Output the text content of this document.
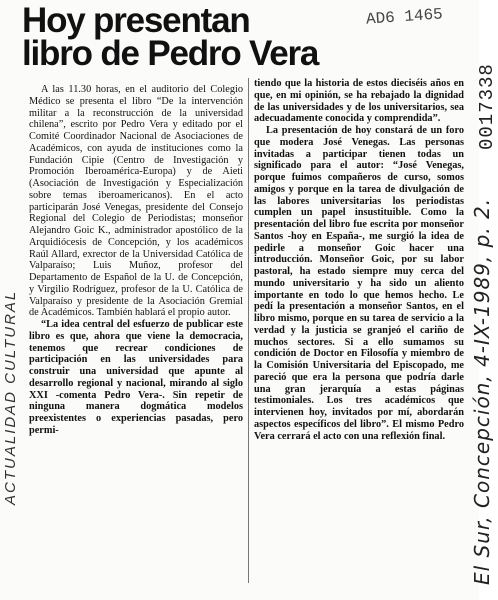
Hoy presentan
libro de Pedro Vera
AD6 1465
ACTUALIDAD CULTURAL

A las 11.30 horas, en el auditorio del Colegio Médico se presenta el libro “De la intervención militar a la reconstrucción de la universidad chilena”, escrito por Pedro Vera y editado por el Comité Coordinador Nacional de Asociaciones de Académicos, con ayuda de instituciones como la Fundación Cipie (Centro de Investigación y Promoción Iberoamérica-Europa) y de Aieti (Asociación de Investigación y Especialización sobre temas iberoamericanos). En el acto participarán José Venegas, presidente del Consejo Regional del Colegio de Periodistas; monseñor Alejandro Goic K., administrador apostólico de la Arquidiócesis de Concepción, y los académicos Raúl Allard, exrector de la Universidad Católica de Valparaíso; Luis Muñoz, profesor del Departamento de Español de la U. de Concepción, y Virgilio Rodríguez, profesor de la U. Católica de Valparaíso y presidente de la Asociación Gremial de Académicos. También hablará el propio autor.

“La idea central del esfuerzo de publicar este libro es que, ahora que viene la democracia, tenemos que recrear condiciones de participación en las universidades para construir una universidad que apunte al desarrollo regional y nacional, mirando al siglo XXI -comenta Pedro Vera-. Sin repetir de ninguna manera dogmática modelos preexistentes o experiencias pasadas, pero permi-

tiendo que la historia de estos dieciséis años en que, en mi opinión, se ha rebajado la dignidad de las universidades y de los universitarios, sea adecuadamente conocida y comprendida”.

La presentación de hoy constará de un foro que modera José Venegas. Las personas invitadas a participar tienen todas un significado para el autor: “José Venegas, porque fuimos compañeros de curso, somos amigos y porque en la tarea de divulgación de las labores universitarias los periodistas cumplen un papel insustituible. Como la presentación del libro fue escrita por monseñor Santos -hoy en España-, me surgió la idea de pedirle a monseñor Goic hacer una introducción. Monseñor Goic, por su labor pastoral, ha estado siempre muy cerca del mundo universitario y ha sido un aliento importante en todo lo que hemos hecho. Le pedí la presentación a monseñor Santos, en el libro mismo, porque en su tarea de servicio a la verdad y la justicia se granjeó el cariño de muchos sectores. Si a ello sumamos su condición de Doctor en Filosofía y miembro de la Comisión Universitaria del Episcopado, me pareció que era la persona que podría darle una gran jerarquía a estas páginas testimoniales. Los tres académicos que intervienen hoy, invitados por mí, abordarán aspectos específicos del libro”. El mismo Pedro Vera cerrará el acto con una reflexión final.

0017338
El Sur, Concepción, 4-IX-1989, p. 2.
